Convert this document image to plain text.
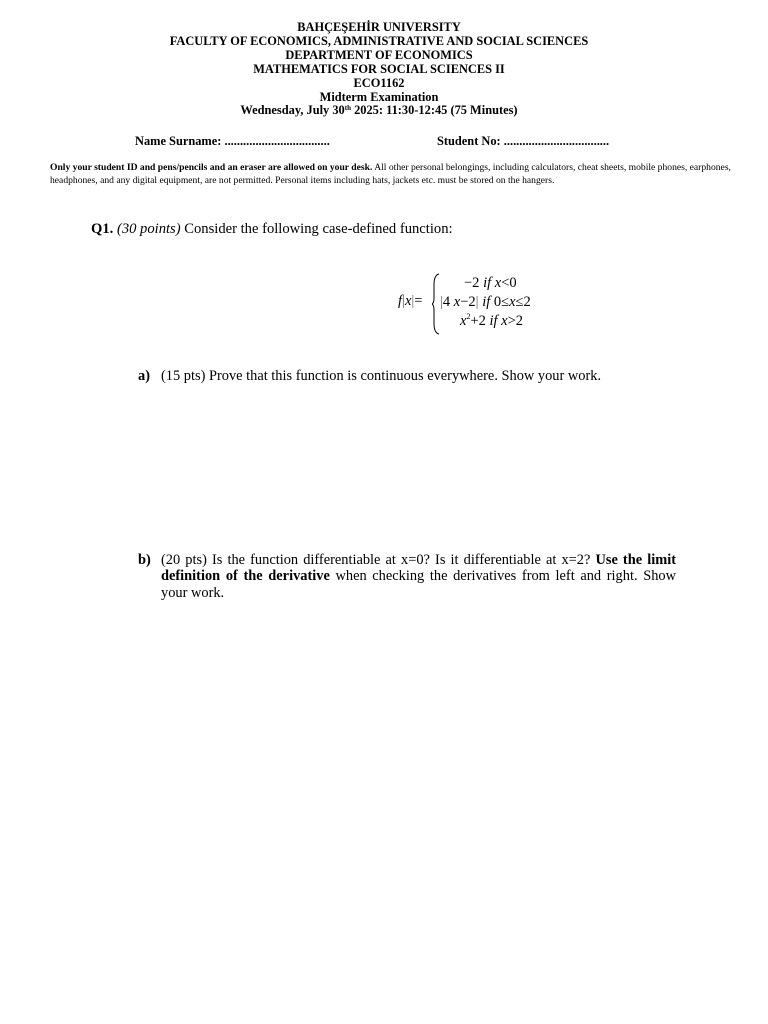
BAHÇEŞEHİR UNIVERSITY
FACULTY OF ECONOMICS, ADMINISTRATIVE AND SOCIAL SCIENCES
DEPARTMENT OF ECONOMICS
MATHEMATICS FOR SOCIAL SCIENCES II
ECO1162
Midterm Examination
Wednesday, July 30th 2025: 11:30-12:45 (75 Minutes)
Name Surname: ..................................	Student No: ..................................
Only your student ID and pens/pencils and an eraser are allowed on your desk. All other personal belongings, including calculators, cheat sheets, mobile phones, earphones, headphones, and any digital equipment, are not permitted. Personal items including hats, jackets etc. must be stored on the hangers.
Q1. (30 points) Consider the following case-defined function:
f|x|=
−2 if x<0
|4 x−2| if 0≤x≤2
$x^2+2$ if x>2
a) (15 pts) Prove that this function is continuous everywhere. Show your work.
b) (20 pts) Is the function differentiable at x=0? Is it differentiable at x=2? Use the limit definition of the derivative when checking the derivatives from left and right. Show your work.
